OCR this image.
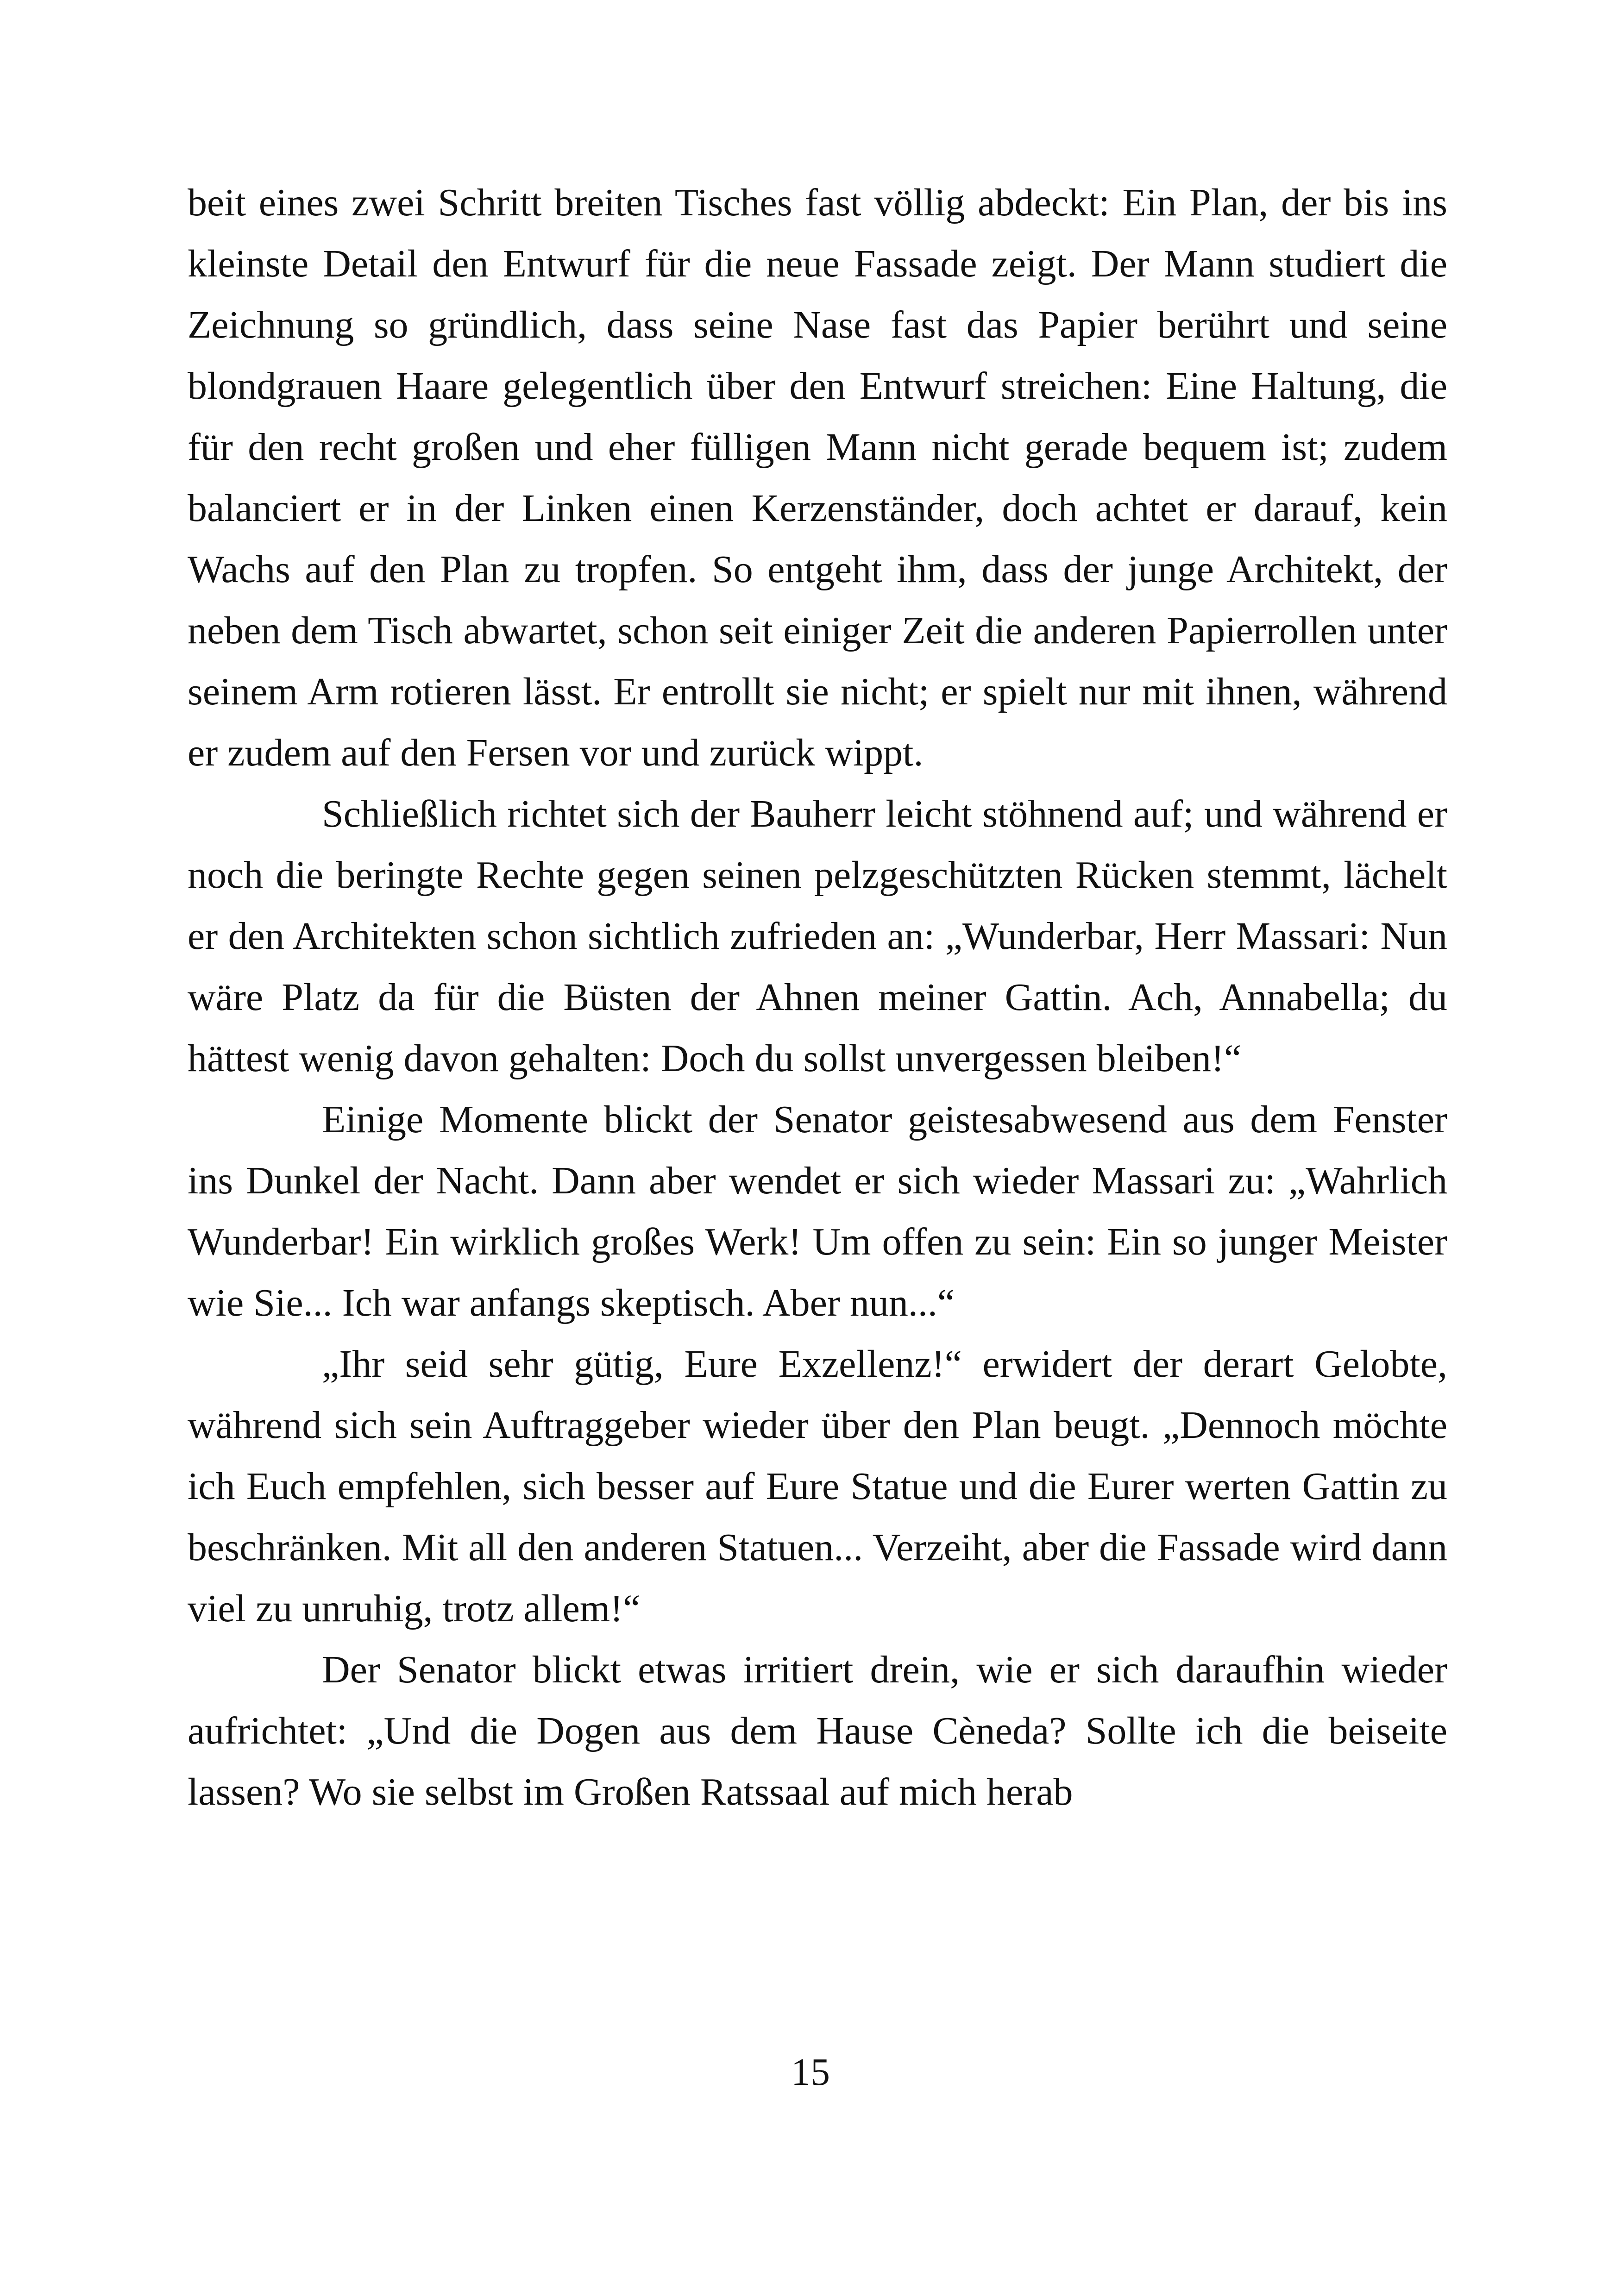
beit eines zwei Schritt breiten Tisches fast völlig abdeckt: Ein Plan, der bis ins kleinste Detail den Entwurf für die neue Fassade zeigt. Der Mann studiert die Zeichnung so gründlich, dass seine Nase fast das Papier berührt und seine blondgrauen Haare gelegentlich über den Entwurf streichen: Eine Haltung, die für den recht großen und eher fülligen Mann nicht gerade bequem ist; zudem balanciert er in der Linken einen Kerzenständer, doch achtet er darauf, kein Wachs auf den Plan zu tropfen. So entgeht ihm, dass der junge Architekt, der neben dem Tisch abwartet, schon seit einiger Zeit die anderen Papierrollen unter seinem Arm rotieren lässt. Er entrollt sie nicht; er spielt nur mit ihnen, während er zudem auf den Fersen vor und zurück wippt.

Schließlich richtet sich der Bauherr leicht stöhnend auf; und während er noch die beringte Rechte gegen seinen pelzgeschützten Rücken stemmt, lächelt er den Architekten schon sichtlich zufrieden an: „Wunderbar, Herr Massari: Nun wäre Platz da für die Büsten der Ahnen meiner Gattin. Ach, Annabella; du hättest wenig davon gehalten: Doch du sollst unvergessen bleiben!“

Einige Momente blickt der Senator geistesabwesend aus dem Fenster ins Dunkel der Nacht. Dann aber wendet er sich wieder Massari zu: „Wahrlich Wunderbar! Ein wirklich großes Werk! Um offen zu sein: Ein so junger Meister wie Sie... Ich war anfangs skeptisch. Aber nun...“

„Ihr seid sehr gütig, Eure Exzellenz!“ erwidert der derart Gelobte, während sich sein Auftraggeber wieder über den Plan beugt. „Dennoch möchte ich Euch empfehlen, sich besser auf Eure Statue und die Eurer werten Gattin zu beschränken. Mit all den anderen Statuen... Verzeiht, aber die Fassade wird dann viel zu unruhig, trotz allem!“

Der Senator blickt etwas irritiert drein, wie er sich daraufhin wieder aufrichtet: „Und die Dogen aus dem Hause Cèneda? Sollte ich die beiseite lassen? Wo sie selbst im Großen Ratssaal auf mich herab

15
